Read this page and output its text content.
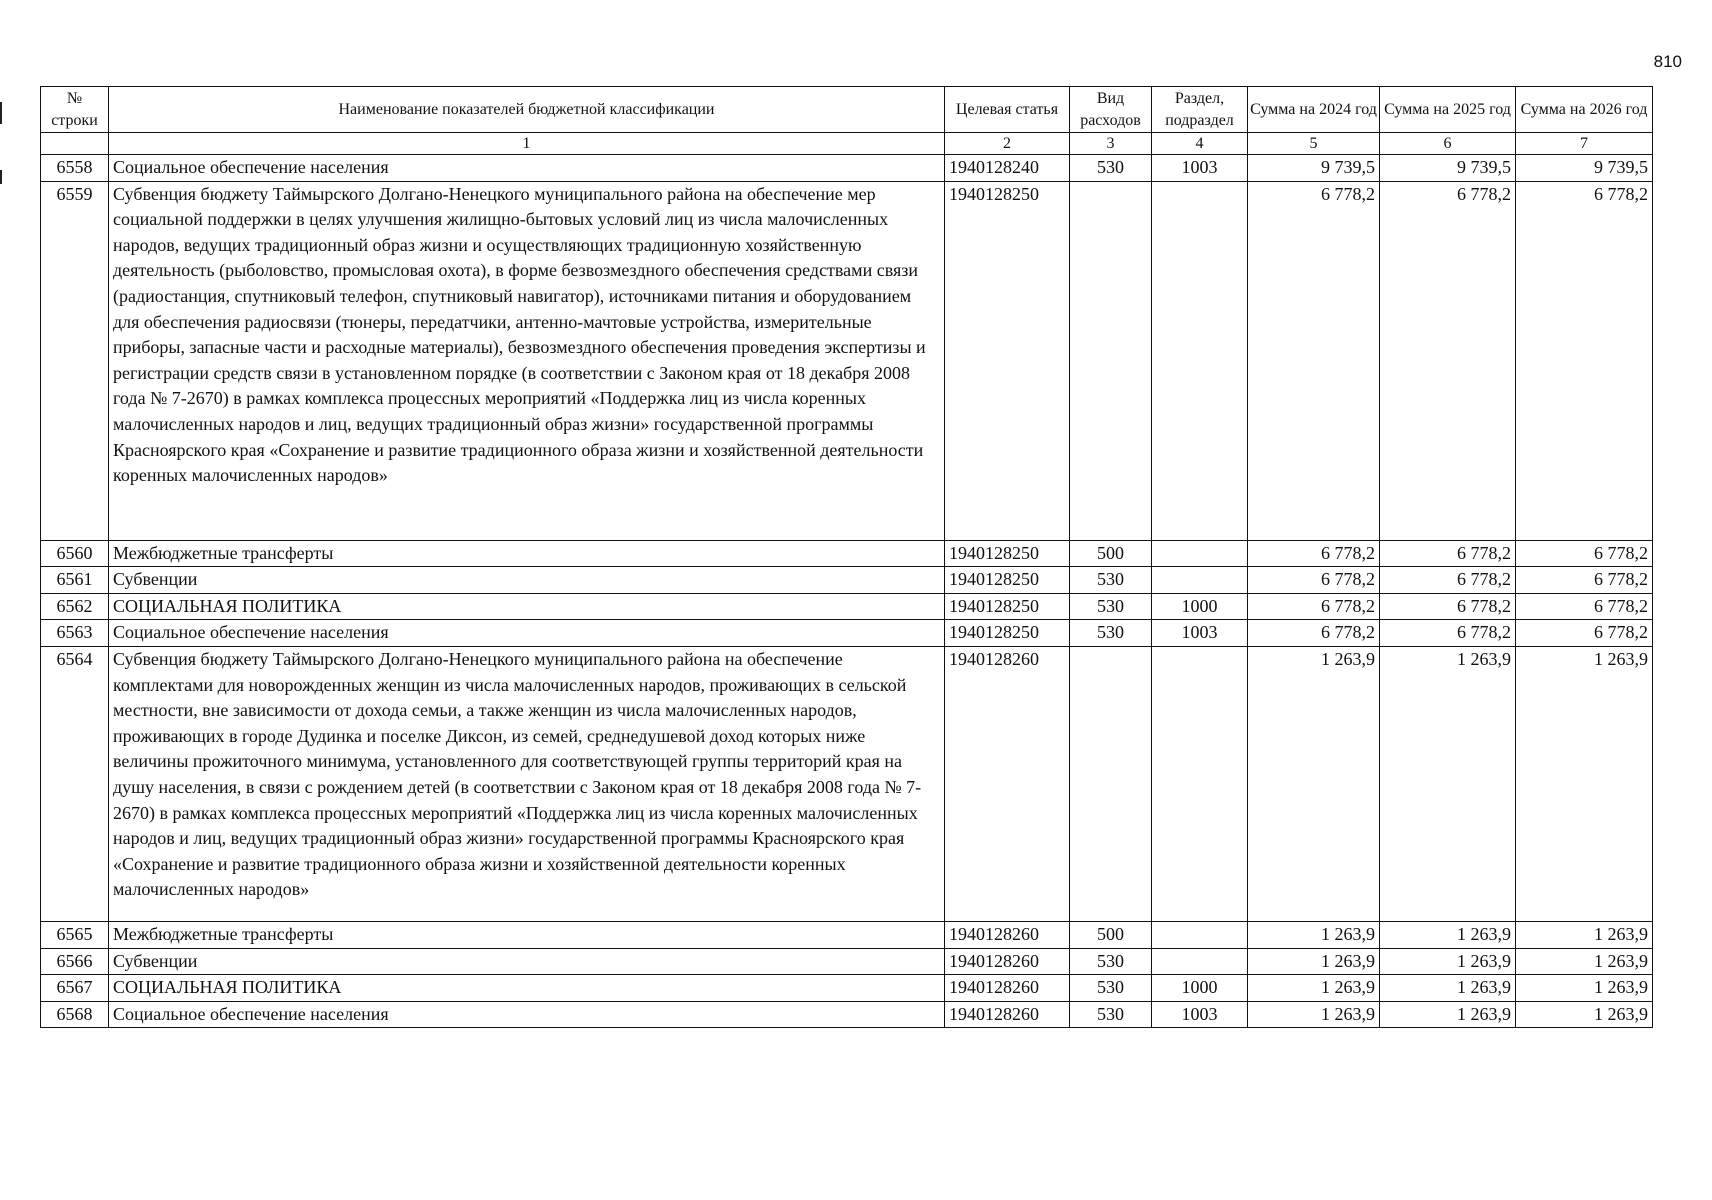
810
№ строки	Наименование показателей бюджетной классификации	Целевая статья	Вид расходов	Раздел, подраздел	Сумма на 2024 год	Сумма на 2025 год	Сумма на 2026 год
	1	2	3	4	5	6	7
6558	Социальное обеспечение населения	1940128240	530	1003	9 739,5	9 739,5	9 739,5
6559	Субвенция бюджету Таймырского Долгано-Ненецкого муниципального района на обеспечение мер социальной поддержки в целях улучшения жилищно-бытовых условий лиц из числа малочисленных народов, ведущих традиционный образ жизни и осуществляющих традиционную хозяйственную деятельность (рыболовство, промысловая охота), в форме безвозмездного обеспечения средствами связи (радиостанция, спутниковый телефон, спутниковый навигатор), источниками питания и оборудованием для обеспечения радиосвязи (тюнеры, передатчики, антенно-мачтовые устройства, измерительные приборы, запасные части и расходные материалы), безвозмездного обеспечения проведения экспертизы и регистрации средств связи в установленном порядке (в соответствии с Законом края от 18 декабря 2008 года № 7-2670) в рамках комплекса процессных мероприятий «Поддержка лиц из числа коренных малочисленных народов и лиц, ведущих традиционный образ жизни» государственной программы Красноярского края «Сохранение и развитие традиционного образа жизни и хозяйственной деятельности коренных малочисленных народов»	1940128250			6 778,2	6 778,2	6 778,2
6560	Межбюджетные трансферты	1940128250	500		6 778,2	6 778,2	6 778,2
6561	Субвенции	1940128250	530		6 778,2	6 778,2	6 778,2
6562	СОЦИАЛЬНАЯ ПОЛИТИКА	1940128250	530	1000	6 778,2	6 778,2	6 778,2
6563	Социальное обеспечение населения	1940128250	530	1003	6 778,2	6 778,2	6 778,2
6564	Субвенция бюджету Таймырского Долгано-Ненецкого муниципального района на обеспечение комплектами для новорожденных женщин из числа малочисленных народов, проживающих в сельской местности, вне зависимости от дохода семьи, а также женщин из числа малочисленных народов, проживающих в городе Дудинка и поселке Диксон, из семей, среднедушевой доход которых ниже величины прожиточного минимума, установленного для соответствующей группы территорий края на душу населения, в связи с рождением детей (в соответствии с Законом края от 18 декабря 2008 года № 7-2670) в рамках комплекса процессных мероприятий «Поддержка лиц из числа коренных малочисленных народов и лиц, ведущих традиционный образ жизни» государственной программы Красноярского края «Сохранение и развитие традиционного образа жизни и хозяйственной деятельности коренных малочисленных народов»	1940128260			1 263,9	1 263,9	1 263,9
6565	Межбюджетные трансферты	1940128260	500		1 263,9	1 263,9	1 263,9
6566	Субвенции	1940128260	530		1 263,9	1 263,9	1 263,9
6567	СОЦИАЛЬНАЯ ПОЛИТИКА	1940128260	530	1000	1 263,9	1 263,9	1 263,9
6568	Социальное обеспечение населения	1940128260	530	1003	1 263,9	1 263,9	1 263,9
